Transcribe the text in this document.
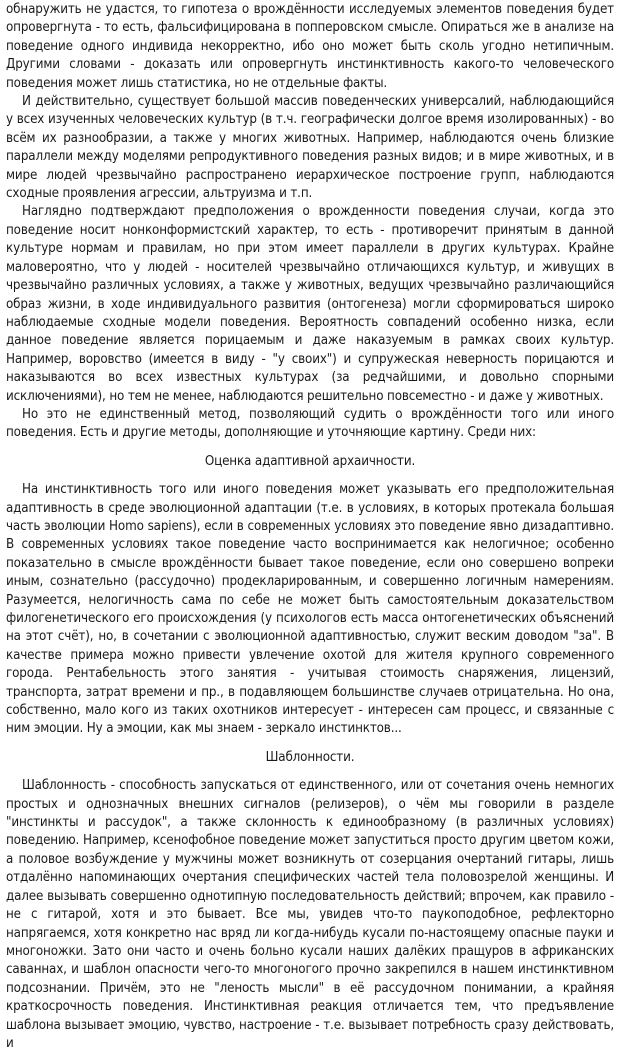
обнаружить не удастся, то гипотеза о врождённости исследуемых элементов поведения будет опровергнута - то есть, фальсифицирована в попперовском смысле. Опираться же в анализе на поведение одного индивида некорректно, ибо оно может быть сколь угодно нетипичным. Другими словами - доказать или опровергнуть инстинктивность какого-то человеческого поведения может лишь статистика, но не отдельные факты.

И действительно, существует большой массив поведенческих универсалий, наблюдающийся у всех изученных человеческих культур (в т.ч. географически долгое время изолированных) - во всём их разнообразии, а также у многих животных. Например, наблюдаются очень близкие параллели между моделями репродуктивного поведения разных видов; и в мире животных, и в мире людей чрезвычайно распространено иерархическое построение групп, наблюдаются сходные проявления агрессии, альтруизма и т.п.

Наглядно подтверждают предположения о врожденности поведения случаи, когда это поведение носит нонконформистский характер, то есть - противоречит принятым в данной культуре нормам и правилам, но при этом имеет параллели в других культурах. Крайне маловероятно, что у людей - носителей чрезвычайно отличающихся культур, и живущих в чрезвычайно различных условиях, а также у животных, ведущих чрезвычайно различающийся образ жизни, в ходе индивидуального развития (онтогенеза) могли сформироваться широко наблюдаемые сходные модели поведения. Вероятность совпадений особенно низка, если данное поведение является порицаемым и даже наказуемым в рамках своих культур. Например, воровство (имеется в виду - "у своих") и супружеская неверность порицаются и наказываются во всех известных культурах (за редчайшими, и довольно спорными исключениями), но тем не менее, наблюдаются решительно повсеместно - и даже у животных.

Но это не единственный метод, позволяющий судить о врождённости того или иного поведения. Есть и другие методы, дополняющие и уточняющие картину. Среди них:

Оценка адаптивной архаичности.

На инстинктивность того или иного поведения может указывать его предположительная адаптивность в среде эволюционной адаптации (т.е. в условиях, в которых протекала большая часть эволюции Homo sapiens), если в современных условиях это поведение явно дизадаптивно. В современных условиях такое поведение часто воспринимается как нелогичное; особенно показательно в смысле врождённости бывает такое поведение, если оно совершено вопреки иным, сознательно (рассудочно) продекларированным, и совершенно логичным намерениям. Разумеется, нелогичность сама по себе не может быть самостоятельным доказательством филогенетического его происхождения (у психологов есть масса онтогенетических объяснений на этот счёт), но, в сочетании с эволюционной адаптивностью, служит веским доводом "за". В качестве примера можно привести увлечение охотой для жителя крупного современного города. Рентабельность этого занятия - учитывая стоимость снаряжения, лицензий, транспорта, затрат времени и пр., в подавляющем большинстве случаев отрицательна. Но она, собственно, мало кого из таких охотников интересует - интересен сам процесс, и связанные с ним эмоции. Ну а эмоции, как мы знаем - зеркало инстинктов...

Шаблонности.

Шаблонность - способность запускаться от единственного, или от сочетания очень немногих простых и однозначных внешних сигналов (релизеров), о чём мы говорили в разделе "инстинкты и рассудок", а также склонность к единообразному (в различных условиях) поведению. Например, ксенофобное поведение может запуститься просто другим цветом кожи, а половое возбуждение у мужчины может возникнуть от созерцания очертаний гитары, лишь отдалённо напоминающих очертания специфических частей тела половозрелой женщины. И далее вызывать совершенно однотипную последовательность действий; впрочем, как правило - не с гитарой, хотя и это бывает. Все мы, увидев что-то паукоподобное, рефлекторно напрягаемся, хотя конкретно нас вряд ли когда-нибудь кусали по-настоящему опасные пауки и многоножки. Зато они часто и очень больно кусали наших далёких пращуров в африканских саваннах, и шаблон опасности чего-то многоногого прочно закрепился в нашем инстинктивном подсознании. Причём, это не "леность мысли" в её рассудочном понимании, а крайняя краткосрочность поведения. Инстинктивная реакция отличается тем, что предъявление шаблона вызывает эмоцию, чувство, настроение - т.е. вызывает потребность сразу действовать, и
